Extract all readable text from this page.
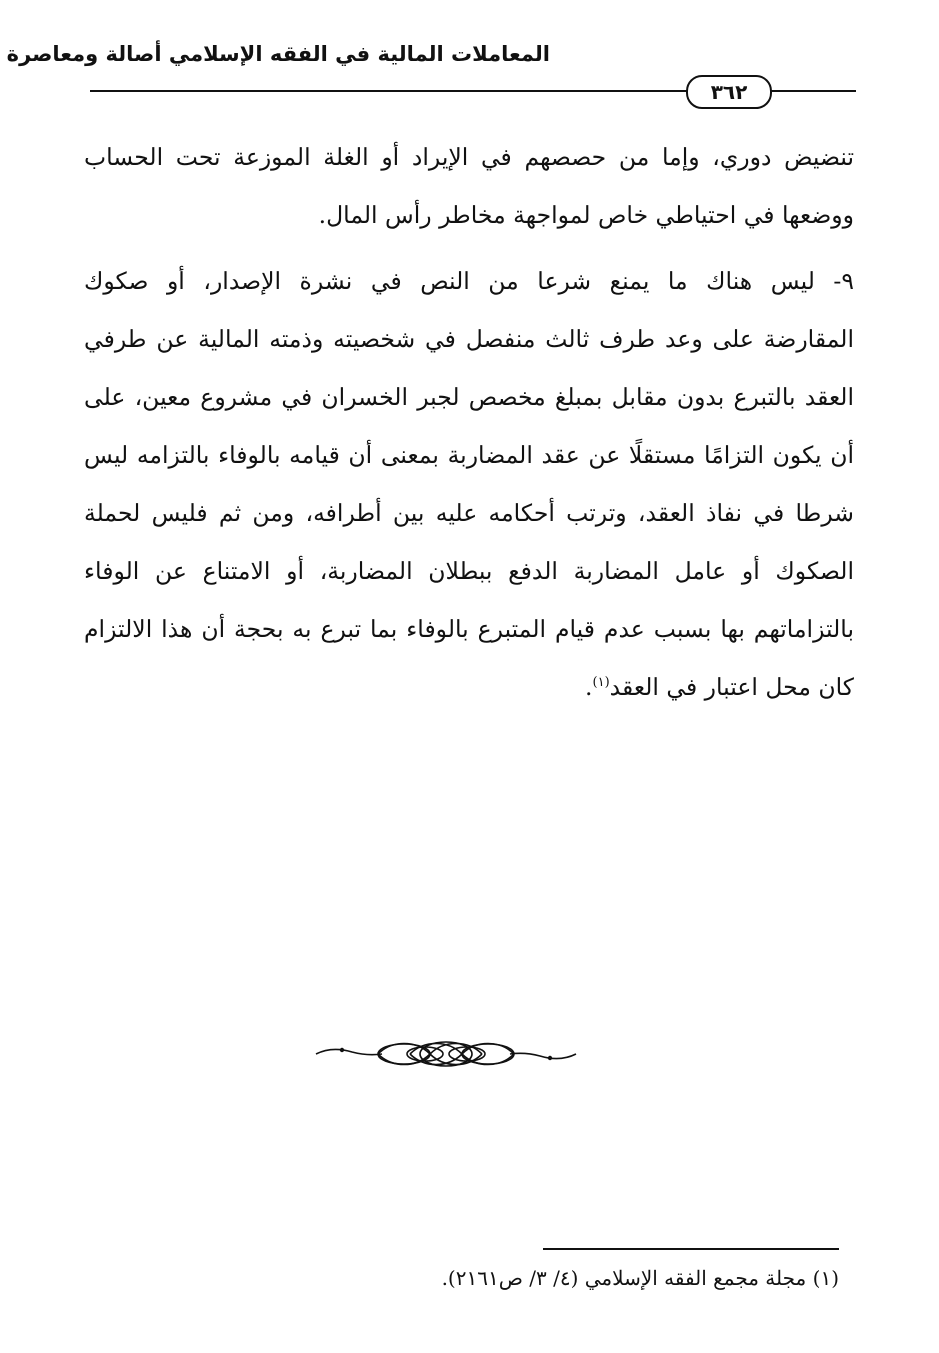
المعاملات المالية في الفقه الإسلامي أصالة ومعاصرة
٣٦٢
تنضيض دوري، وإما من حصصهم في الإيراد أو الغلة الموزعة تحت الحساب
ووضعها في احتياطي خاص لمواجهة مخاطر رأس المال.
٩- ليس هناك ما يمنع شرعا من النص في نشرة الإصدار، أو صكوك
المقارضة على وعد طرف ثالث منفصل في شخصيته وذمته المالية عن طرفي
العقد بالتبرع بدون مقابل بمبلغ مخصص لجبر الخسران في مشروع معين، على
أن يكون التزامًا مستقلًا عن عقد المضاربة بمعنى أن قيامه بالوفاء بالتزامه ليس
شرطا في نفاذ العقد، وترتب أحكامه عليه بين أطرافه، ومن ثم فليس لحملة
الصكوك أو عامل المضاربة الدفع ببطلان المضاربة، أو الامتناع عن الوفاء
بالتزاماتهم بها بسبب عدم قيام المتبرع بالوفاء بما تبرع به بحجة أن هذا الالتزام
كان محل اعتبار في العقد$^{(١)}$.
(١) مجلة مجمع الفقه الإسلامي (٤/ ٣/ ص٢١٦١).
